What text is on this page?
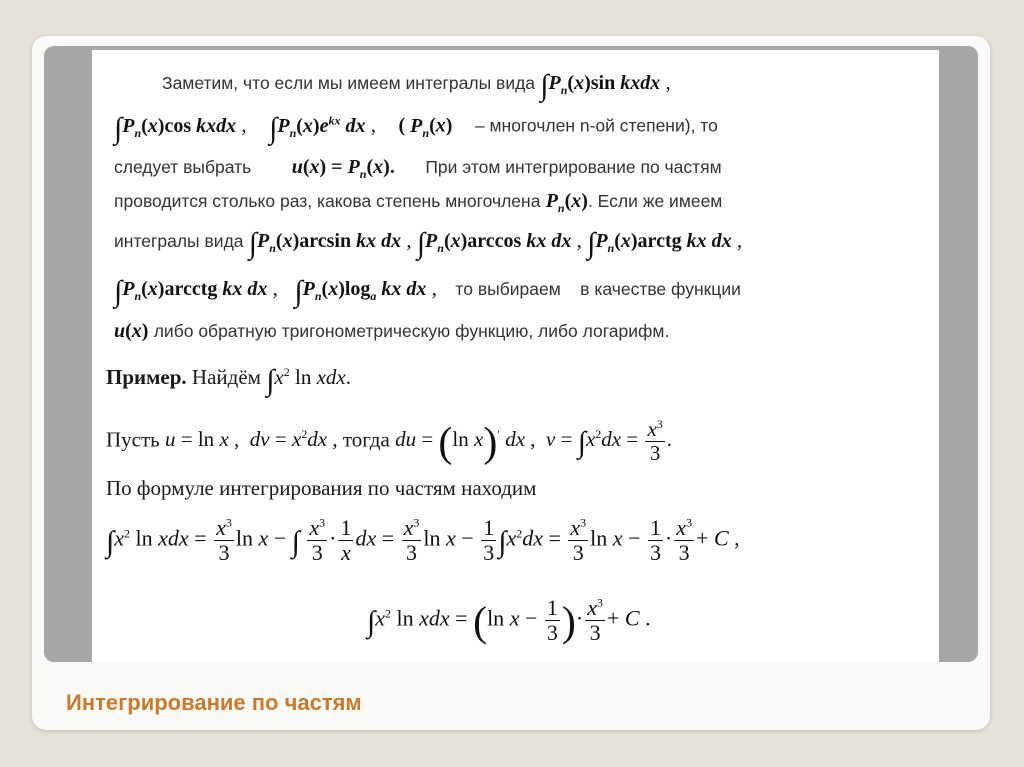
Заметим, что если мы имеем интегралы вида $\int P_n(x)\sin$ kxdx ,
$\int P_n(x)\cos$ kxdx ,  $\int P_n(x)e^{kx}$ dx ,  ( $P_n(x)$ – многочлен n-ой степени), то
следует выбрать $u(x) = P_n(x)$. При этом интегрирование по частям
проводится столько раз, какова степень многочлена $P_n(x)$. Если же имеем
интегралы вида $\int P_n(x)\arcsin$ kx dx , $\int P_n(x)\arccos$ kx dx , $\int P_n(x)arctg$ kx dx ,
$\int P_n(x)arcctg$ kx dx ,  $\int P_n(x)\log_a$ kx dx ,  то выбираем    в качестве функции
u(x) либо обратную тригонометрическую функцию, либо логарифм.
Пример. Найдём $\int x^2$ ln xdx.
Пусть u = ln x ,  dv = $x^2dx$ , тогда du = (ln x)′ dx ,  $v = \int x^2dx = \frac{x^3}{3}$ .
По формуле интегрирования по частям находим
$\int x^2$ ln xdx = $\frac{x^3}{3}$ ln x − ∫ $\frac{x^3}{3} \cdot \frac{1}{x}$ dx = $\frac{x^3}{3}$ $\ln x - \frac{1}{3} \int x^2dx = \frac{x^3}{3}$ $\ln x - \frac{1}{3} \cdot \frac{x^3}{3} + C$ ,
$\int x^2$ ln xdx = (ln $x - \frac{1}{3}$ )· $\frac{x^3}{3} + C$ .
Интегрирование по частям
